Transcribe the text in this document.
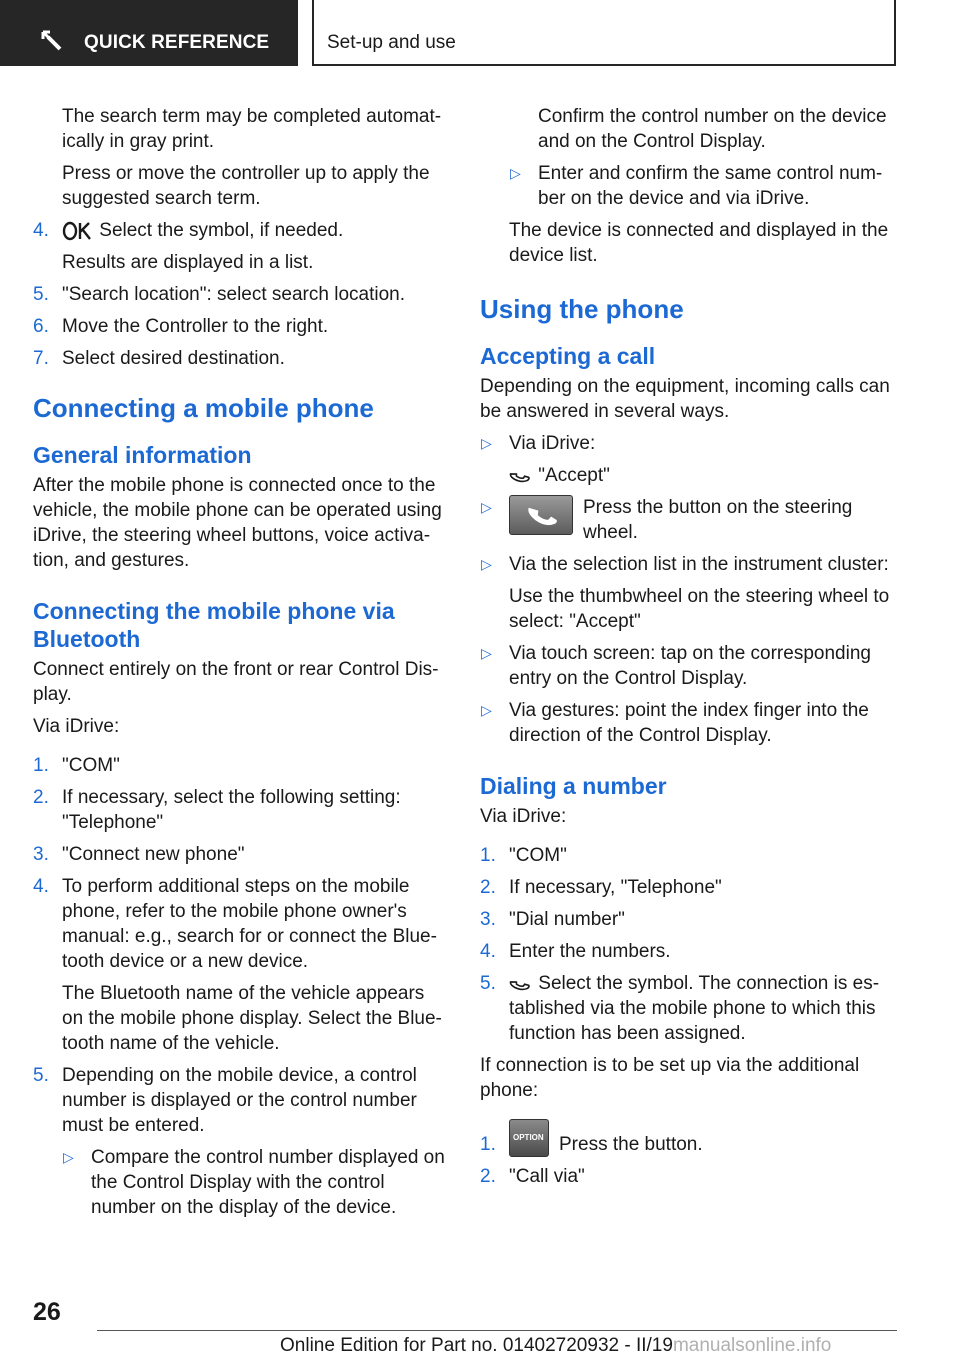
QUICK REFERENCE	Set-up and use

The search term may be completed automat‐ically in gray print.

Press or move the controller up to apply the suggested search term.

4. Select the symbol, if needed.
Results are displayed in a list.
5. "Search location": select search location.
6. Move the Controller to the right.
7. Select desired destination.
Connecting a mobile phone
General information

After the mobile phone is connected once to the vehicle, the mobile phone can be operated using iDrive, the steering wheel buttons, voice activa‐tion, and gestures.

Connecting the mobile phone via Bluetooth

Connect entirely on the front or rear Control Dis‐play.

Via iDrive:

1. "COM"
2. If necessary, select the following setting: "Telephone"
3. "Connect new phone"
4. To perform additional steps on the mobile phone, refer to the mobile phone owner's manual: e.g., search for or connect the Blue‐tooth device or a new device.
The Bluetooth name of the vehicle appears on the mobile phone display. Select the Blue‐tooth name of the vehicle.
5. Depending on the mobile device, a control number is displayed or the control number must be entered.
▷ Compare the control number displayed on the Control Display with the control number on the display of the device.

Confirm the control number on the device and on the Control Display.

▷ Enter and confirm the same control num‐ber on the device and via iDrive.

The device is connected and displayed in the device list.

Using the phone
Accepting a call

Depending on the equipment, incoming calls can be answered in several ways.

▷ Via iDrive:
"Accept"
▷	Press the button on the steering wheel.
▷ Via the selection list in the instrument cluster:
Use the thumbwheel on the steering wheel to select: "Accept"
▷ Via touch screen: tap on the corresponding entry on the Control Display.
▷ Via gestures: point the index finger into the direction of the Control Display.
Dialing a number

Via iDrive:

1. "COM"
2. If necessary, "Telephone"
3. "Dial number"
4. Enter the numbers.
5. Select the symbol. The connection is es‐tablished via the mobile phone to which this function has been assigned.

If connection is to be set up via the additional phone:

1. OPTION Press the button.
2. "Call via"
26
Online Edition for Part no. 01402720932 - II/19manualsonline.info
